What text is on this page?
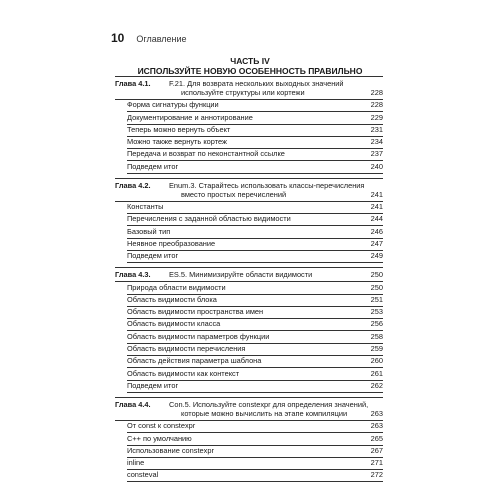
10 Оглавление
ЧАСТЬ IV
ИСПОЛЬЗУЙТЕ НОВУЮ ОСОБЕННОСТЬ ПРАВИЛЬНО
Глава 4.1.	F.21. Для возврата нескольких выходных значений
используйте структуры или кортежи	228
Форма сигнатуры функции	228
Документирование и аннотирование	229
Теперь можно вернуть объект	231
Можно также вернуть кортеж	234
Передача и возврат по неконстантной ссылке	237
Подведем итог	240
Глава 4.2.	Enum.3. Старайтесь использовать классы-перечисления
вместо простых перечислений	241
Константы	241
Перечисления с заданной областью видимости	244
Базовый тип	246
Неявное преобразование	247
Подведем итог	249
Глава 4.3.	ES.5. Минимизируйте области видимости	250
Природа области видимости	250
Область видимости блока	251
Область видимости пространства имен	253
Область видимости класса	256
Область видимости параметров функции	258
Область видимости перечисления	259
Область действия параметра шаблона	260
Область видимости как контекст	261
Подведем итог	262
Глава 4.4.	Con.5. Используйте constexpr для определения значений,
которые можно вычислить на этапе компиляции	263
От const к constexpr	263
С++ по умолчанию	265
Использование constexpr	267
inline	271
consteval	272
